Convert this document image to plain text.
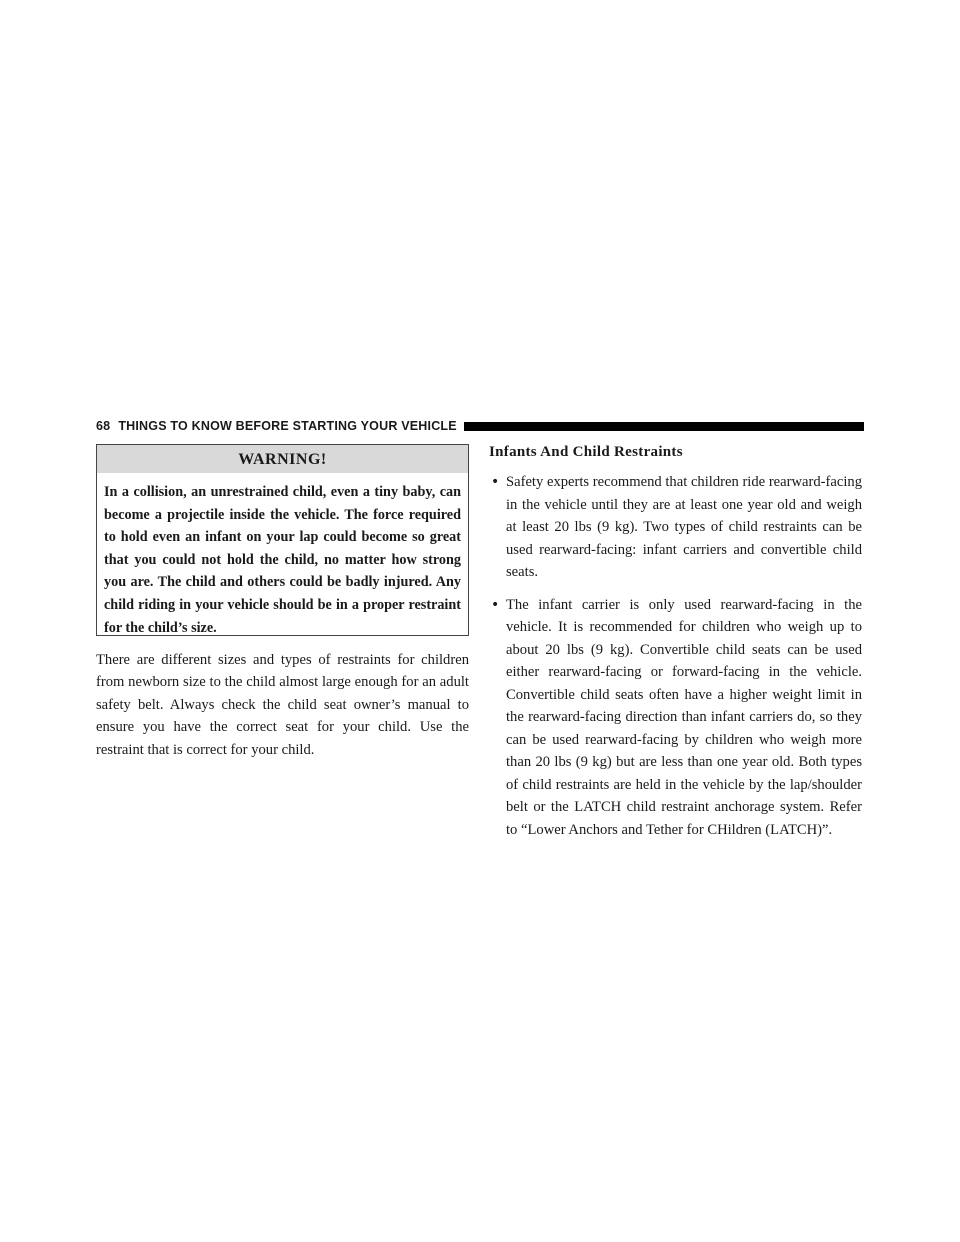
68 THINGS TO KNOW BEFORE STARTING YOUR VEHICLE
WARNING!
In a collision, an unrestrained child, even a tiny baby, can become a projectile inside the vehicle. The force required to hold even an infant on your lap could become so great that you could not hold the child, no matter how strong you are. The child and others could be badly injured. Any child riding in your vehicle should be in a proper restraint for the child’s size.

There are different sizes and types of restraints for children from newborn size to the child almost large enough for an adult safety belt. Always check the child seat owner’s manual to ensure you have the correct seat for your child. Use the restraint that is correct for your child.

Infants And Child Restraints
• Safety experts recommend that children ride rearward-facing in the vehicle until they are at least one year old and weigh at least 20 lbs (9 kg). Two types of child restraints can be used rearward-facing: infant carriers and convertible child seats.
• The infant carrier is only used rearward-facing in the vehicle. It is recommended for children who weigh up to about 20 lbs (9 kg). Convertible child seats can be used either rearward-facing or forward-facing in the vehicle. Convertible child seats often have a higher weight limit in the rearward-facing direction than infant carriers do, so they can be used rearward-facing by children who weigh more than 20 lbs (9 kg) but are less than one year old. Both types of child restraints are held in the vehicle by the lap/shoulder belt or the LATCH child restraint anchorage system. Refer to “Lower Anchors and Tether for CHildren (LATCH)”.
